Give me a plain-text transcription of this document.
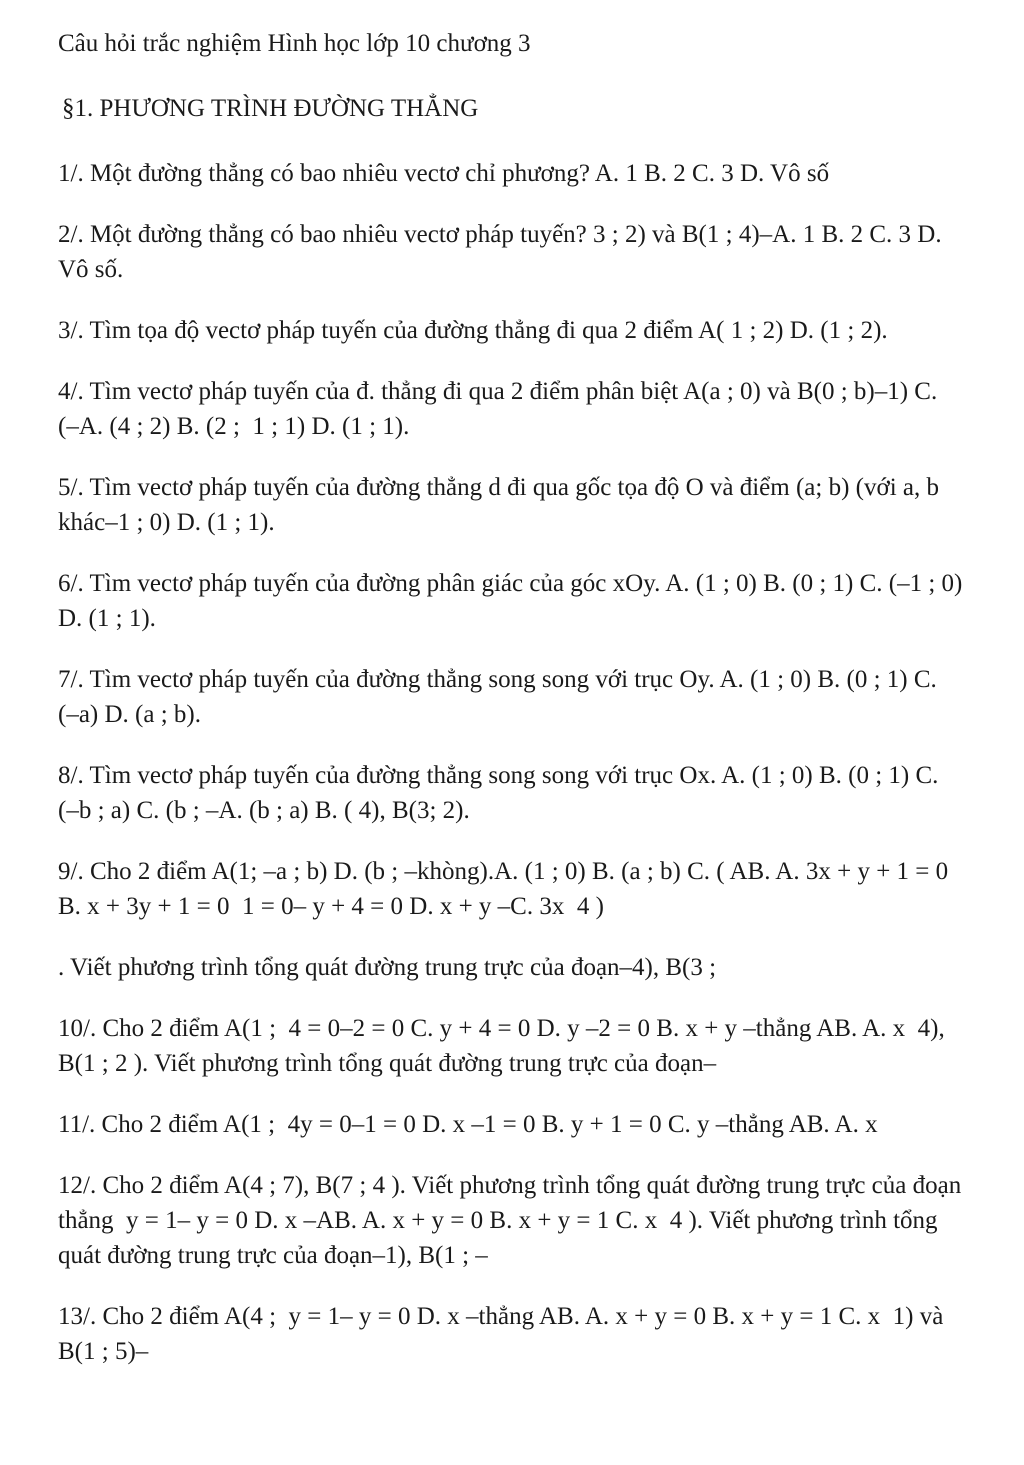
Câu hỏi trắc nghiệm Hình học lớp 10 chương 3

§1. PHƯƠNG TRÌNH ĐƯỜNG THẲNG

1/. Một đường thẳng có bao nhiêu vectơ chỉ phương? A. 1 B. 2 C. 3 D. Vô số

2/. Một đường thẳng có bao nhiêu vectơ pháp tuyến? 3 ; 2) và B(1 ; 4)–A. 1 B. 2 C. 3 D. Vô số.

3/. Tìm tọa độ vectơ pháp tuyến của đường thẳng đi qua 2 điểm A( 1 ; 2) D. (1 ; 2).

4/. Tìm vectơ pháp tuyến của đ. thẳng đi qua 2 điểm phân biệt A(a ; 0) và B(0 ; b)–1) C. (–A. (4 ; 2) B. (2 ;  1 ; 1) D. (1 ; 1).

5/. Tìm vectơ pháp tuyến của đường thẳng d đi qua gốc tọa độ O và điểm (a; b) (với a, b khác–1 ; 0) D. (1 ; 1).

6/. Tìm vectơ pháp tuyến của đường phân giác của góc xOy. A. (1 ; 0) B. (0 ; 1) C. (–1 ; 0) D. (1 ; 1).

7/. Tìm vectơ pháp tuyến của đường thẳng song song với trục Oy. A. (1 ; 0) B. (0 ; 1) C. (–a) D. (a ; b).

8/. Tìm vectơ pháp tuyến của đường thẳng song song với trục Ox. A. (1 ; 0) B. (0 ; 1) C. (–b ; a) C. (b ; –A. (b ; a) B. ( 4), B(3; 2).

9/. Cho 2 điểm A(1; –a ; b) D. (b ; –khòng).A. (1 ; 0) B. (a ; b) C. ( AB. A. 3x + y + 1 = 0 B. x + 3y + 1 = 0  1 = 0– y + 4 = 0 D. x + y –C. 3x  4 )

. Viết phương trình tổng quát đường trung trực của đoạn–4), B(3 ;

10/. Cho 2 điểm A(1 ;  4 = 0–2 = 0 C. y + 4 = 0 D. y –2 = 0 B. x + y –thẳng AB. A. x  4), B(1 ; 2 ). Viết phương trình tổng quát đường trung trực của đoạn–

11/. Cho 2 điểm A(1 ;  4y = 0–1 = 0 D. x –1 = 0 B. y + 1 = 0 C. y –thẳng AB. A. x

12/. Cho 2 điểm A(4 ; 7), B(7 ; 4 ). Viết phương trình tổng quát đường trung trực của đoạn thẳng  y = 1– y = 0 D. x –AB. A. x + y = 0 B. x + y = 1 C. x  4 ). Viết phương trình tổng quát đường trung trực của đoạn–1), B(1 ; –

13/. Cho 2 điểm A(4 ;  y = 1– y = 0 D. x –thẳng AB. A. x + y = 0 B. x + y = 1 C. x  1) và B(1 ; 5)–
